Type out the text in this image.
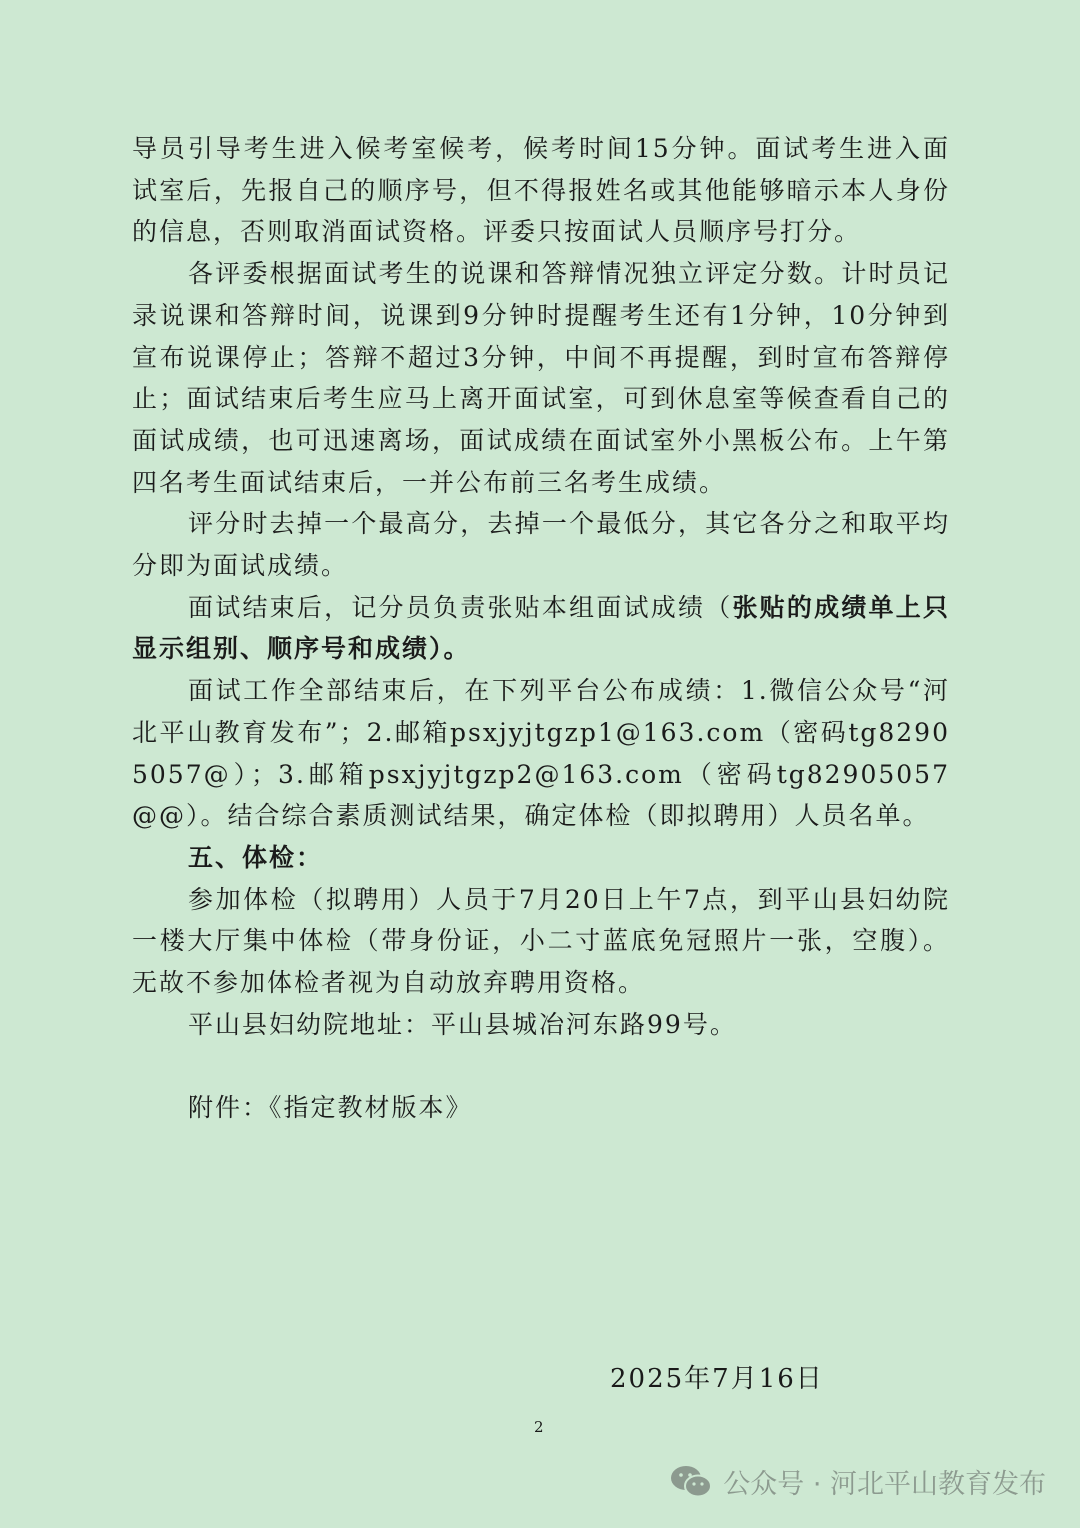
导员引导考生进入候考室候考，候考时间15分钟。面试考生进入面试室后，先报自己的顺序号，但不得报姓名或其他能够暗示本人身份的信息，否则取消面试资格。评委只按面试人员顺序号打分。

各评委根据面试考生的说课和答辩情况独立评定分数。计时员记录说课和答辩时间，说课到9分钟时提醒考生还有1分钟，10分钟到宣布说课停止；答辩不超过3分钟，中间不再提醒，到时宣布答辩停止；面试结束后考生应马上离开面试室，可到休息室等候查看自己的面试成绩，也可迅速离场，面试成绩在面试室外小黑板公布。上午第四名考生面试结束后，一并公布前三名考生成绩。

评分时去掉一个最高分，去掉一个最低分，其它各分之和取平均分即为面试成绩。

面试结束后，记分员负责张贴本组面试成绩（张贴的成绩单上只显示组别、顺序号和成绩）。

面试工作全部结束后，在下列平台公布成绩：1.微信公众号“河北平山教育发布”；2.邮箱psxjyjtgzp1@163.com（密码tg82905057@）；3.邮箱psxjyjtgzp2@163.com（密码tg82905057@@）。结合综合素质测试结果，确定体检（即拟聘用）人员名单。

五、体检：

参加体检（拟聘用）人员于7月20日上午7点，到平山县妇幼院一楼大厅集中体检（带身份证，小二寸蓝底免冠照片一张，空腹）。无故不参加体检者视为自动放弃聘用资格。

平山县妇幼院地址：平山县城冶河东路99号。

附件：《指定教材版本》

2025年7月16日
2
公众号 · 河北平山教育发布
